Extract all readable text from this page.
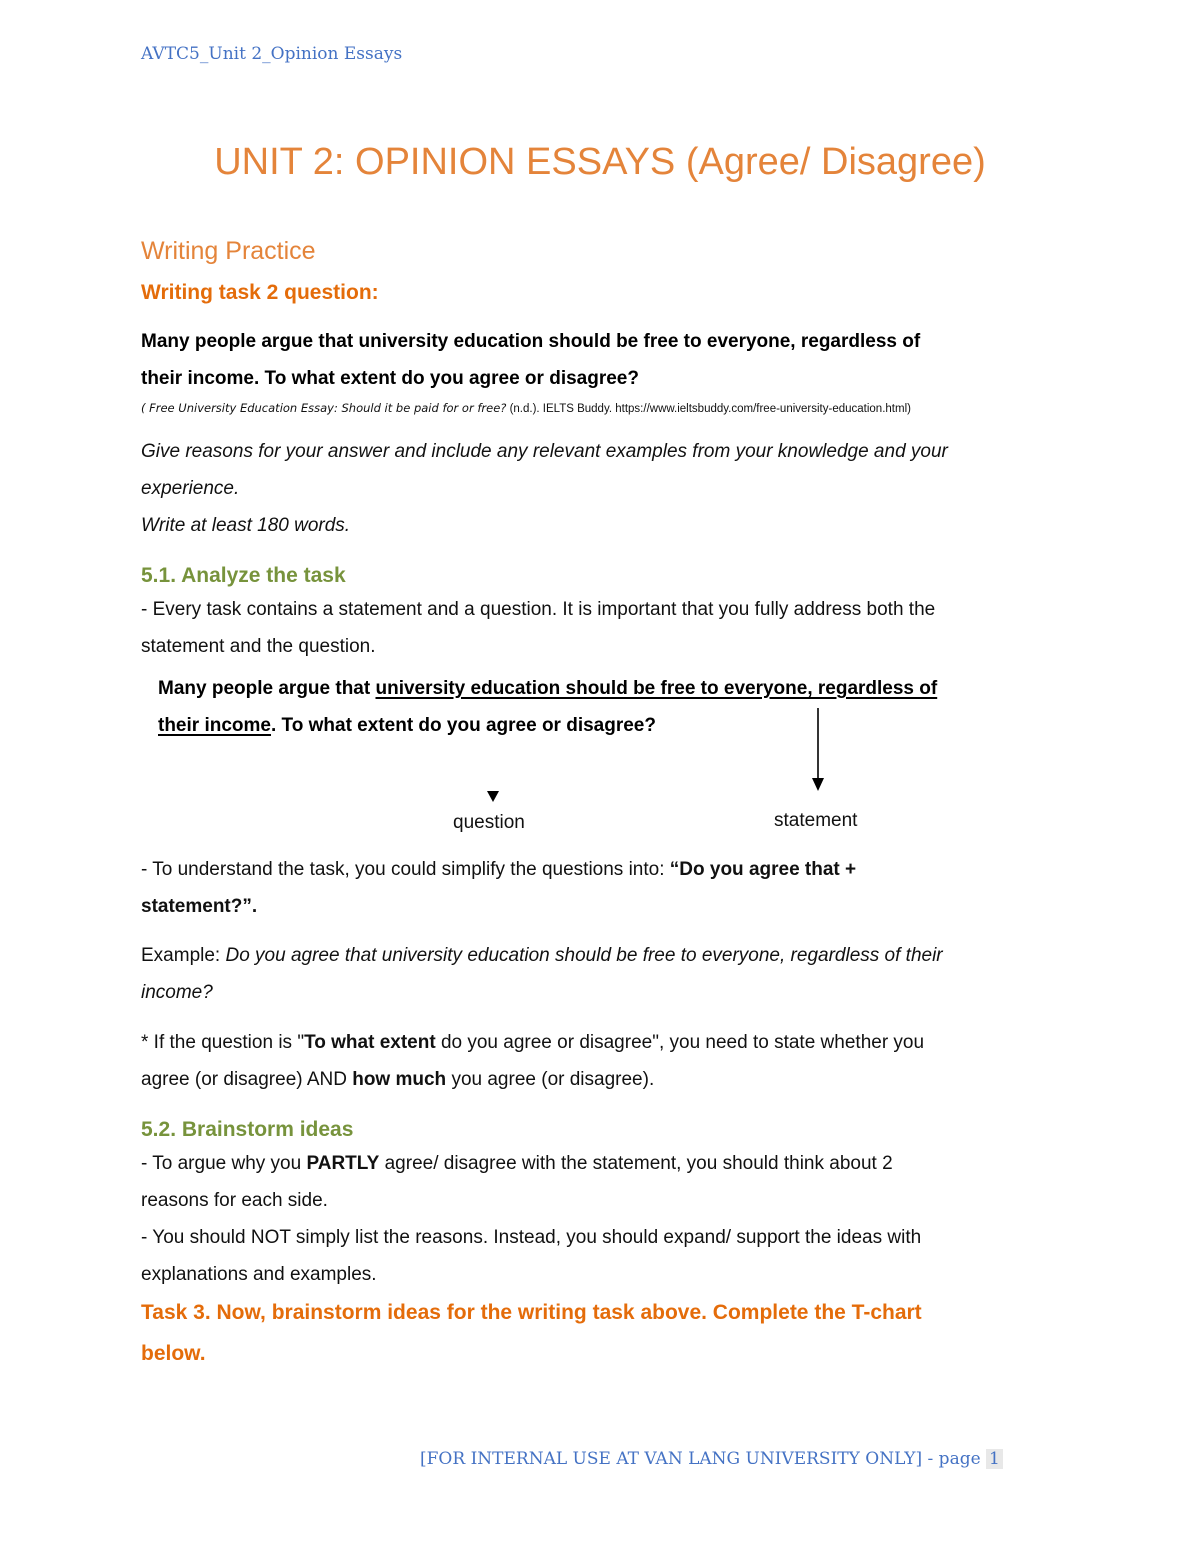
AVTC5_Unit 2_Opinion Essays
UNIT 2: OPINION ESSAYS (Agree/ Disagree)
Writing Practice
Writing task 2 question:
Many people argue that university education should be free to everyone, regardless of
their income. To what extent do you agree or disagree?
( Free University Education Essay: Should it be paid for or free? (n.d.). IELTS Buddy. https://www.ieltsbuddy.com/free-university-education.html)
Give reasons for your answer and include any relevant examples from your knowledge and your
experience.
Write at least 180 words.
5.1. Analyze the task
- Every task contains a statement and a question. It is important that you fully address both the
statement and the question.
Many people argue that university education should be free to everyone, regardless of
their income. To what extent do you agree or disagree?
question	statement
- To understand the task, you could simplify the questions into: “Do you agree that +
statement?”.
Example: Do you agree that university education should be free to everyone, regardless of their
income?
* If the question is "To what extent do you agree or disagree", you need to state whether you
agree (or disagree) AND how much you agree (or disagree).
5.2. Brainstorm ideas
- To argue why you PARTLY agree/ disagree with the statement, you should think about 2
reasons for each side.
- You should NOT simply list the reasons. Instead, you should expand/ support the ideas with
explanations and examples.
Task 3. Now, brainstorm ideas for the writing task above. Complete the T-chart
below.
[FOR INTERNAL USE AT VAN LANG UNIVERSITY ONLY] - page 1
